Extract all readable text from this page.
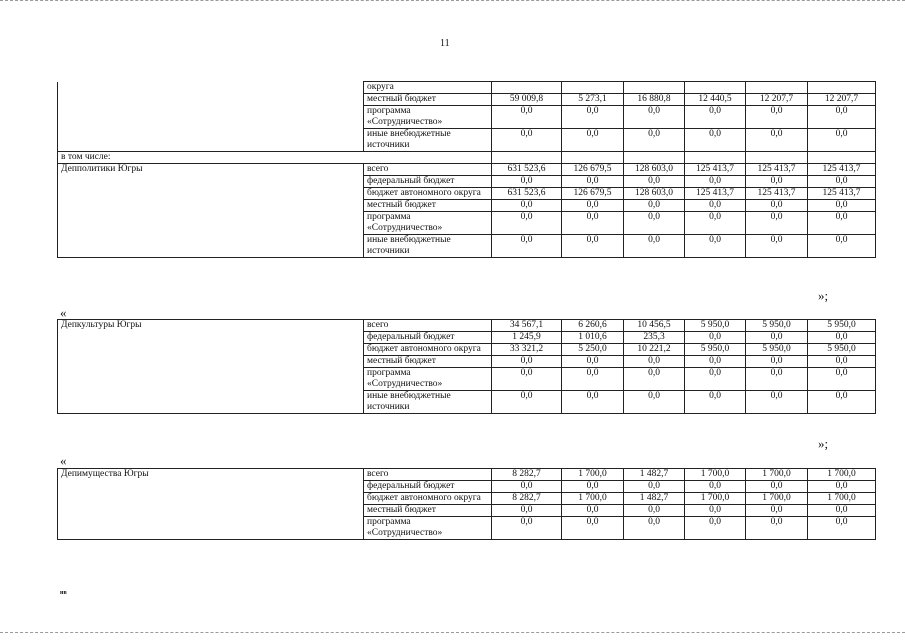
11
	округа						
	местный бюджет	59 009,8	5 273,1	16 880,8	12 440,5	12 207,7	12 207,7
	программа «Сотрудничество»	0,0	0,0	0,0	0,0	0,0	0,0
	иные внебюджетные источники	0,0	0,0	0,0	0,0	0,0	0,0
в том числе:							
Депполитики Югры	всего	631 523,6	126 679,5	128 603,0	125 413,7	125 413,7	125 413,7
	федеральный бюджет	0,0	0,0	0,0	0,0	0,0	0,0
	бюджет автономного округа	631 523,6	126 679,5	128 603,0	125 413,7	125 413,7	125 413,7
	местный бюджет	0,0	0,0	0,0	0,0	0,0	0,0
	программа «Сотрудничество»	0,0	0,0	0,0	0,0	0,0	0,0
	иные внебюджетные источники	0,0	0,0	0,0	0,0	0,0	0,0
»;
«
Депкультуры Югры	всего	34 567,1	6 260,6	10 456,5	5 950,0	5 950,0	5 950,0
	федеральный бюджет	1 245,9	1 010,6	235,3	0,0	0,0	0,0
	бюджет автономного округа	33 321,2	5 250,0	10 221,2	5 950,0	5 950,0	5 950,0
	местный бюджет	0,0	0,0	0,0	0,0	0,0	0,0
	программа «Сотрудничество»	0,0	0,0	0,0	0,0	0,0	0,0
	иные внебюджетные источники	0,0	0,0	0,0	0,0	0,0	0,0
»;
«
Депимущества Югры	всего	8 282,7	1 700,0	1 482,7	1 700,0	1 700,0	1 700,0
	федеральный бюджет	0,0	0,0	0,0	0,0	0,0	0,0
	бюджет автономного округа	8 282,7	1 700,0	1 482,7	1 700,0	1 700,0	1 700,0
	местный бюджет	0,0	0,0	0,0	0,0	0,0	0,0
	программа «Сотрудничество»	0,0	0,0	0,0	0,0	0,0	0,0
нв
